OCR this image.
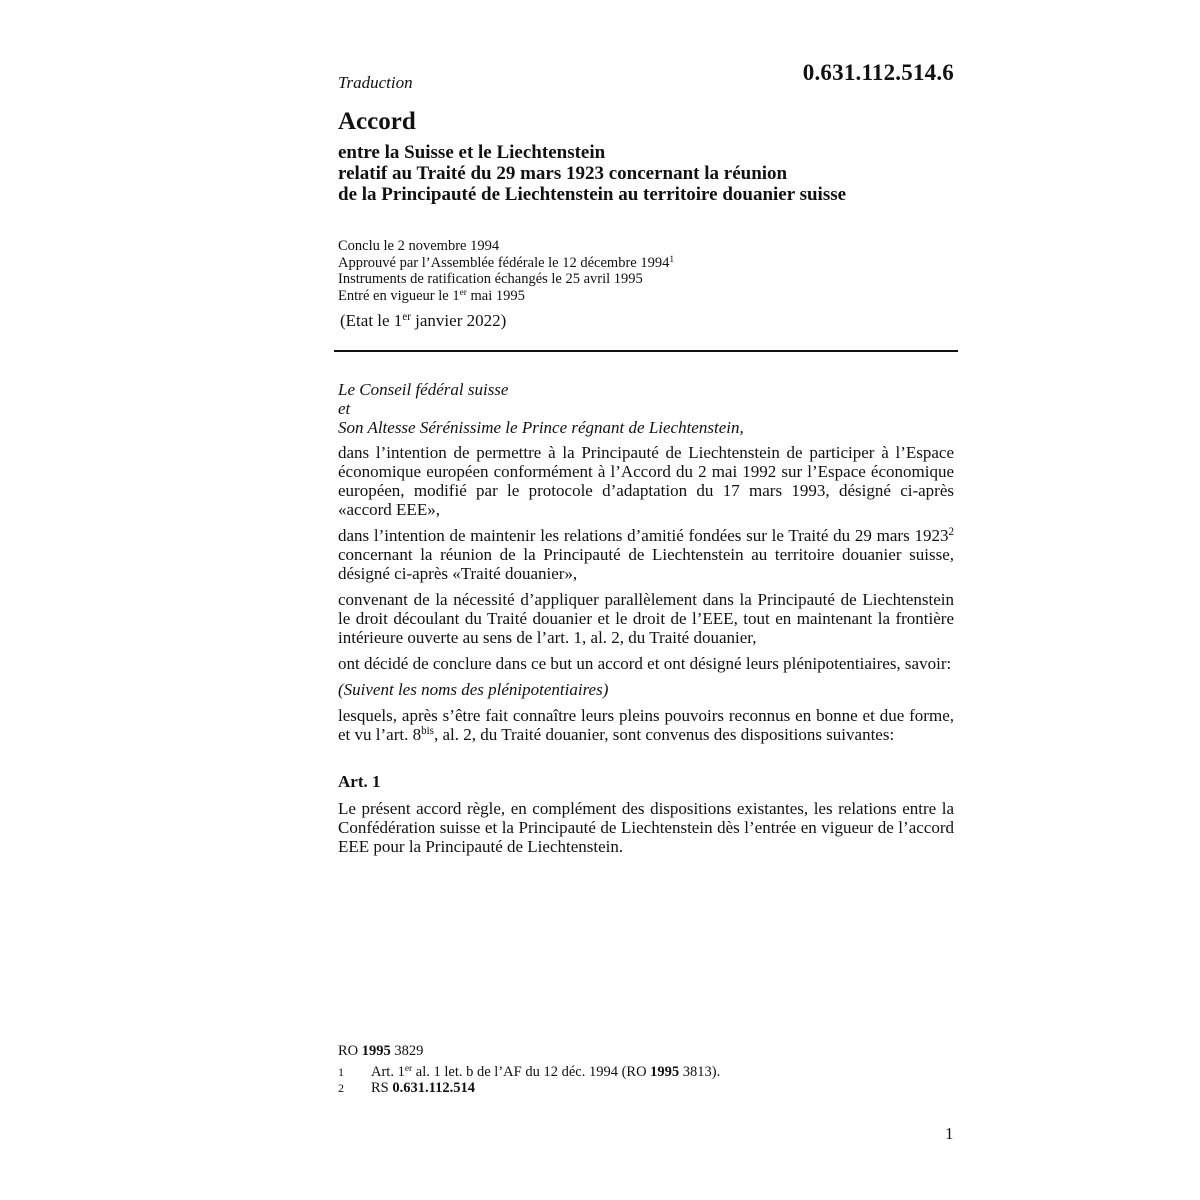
Traduction	0.631.112.514.6
Accord
entre la Suisse et le Liechtenstein
relatif au Traité du 29 mars 1923 concernant la réunion
de la Principauté de Liechtenstein au territoire douanier suisse
Conclu le 2 novembre 1994
Approuvé par l’Assemblée fédérale le 12 décembre 1994$^1$
Instruments de ratification échangés le 25 avril 1995
Entré en vigueur le 1er mai 1995
(Etat le 1er janvier 2022)

Le Conseil fédéral suisse

et

Son Altesse Sérénissime le Prince régnant de Liechtenstein,

dans l’intention de permettre à la Principauté de Liechtenstein de participer à l’Espace économique européen conformément à l’Accord du 2 mai 1992 sur l’Espace économique européen, modifié par le protocole d’adaptation du 17 mars 1993, désigné ci-après «accord EEE»,

dans l’intention de maintenir les relations d’amitié fondées sur le Traité du 29 mars 1923$^2$ concernant la réunion de la Principauté de Liechtenstein au territoire douanier suisse, désigné ci-après «Traité douanier»,

convenant de la nécessité d’appliquer parallèlement dans la Principauté de Liechtenstein le droit découlant du Traité douanier et le droit de l’EEE, tout en maintenant la frontière intérieure ouverte au sens de l’art. 1, al. 2, du Traité douanier,

ont décidé de conclure dans ce but un accord et ont désigné leurs plénipotentiaires, savoir:

(Suivent les noms des plénipotentiaires)

lesquels, après s’être fait connaître leurs pleins pouvoirs reconnus en bonne et due forme, et vu l’art. $8^{bis}$, al. 2, du Traité douanier, sont convenus des dispositions suivantes:

Art. 1

Le présent accord règle, en complément des dispositions existantes, les relations entre la Confédération suisse et la Principauté de Liechtenstein dès l’entrée en vigueur de l’accord EEE pour la Principauté de Liechtenstein.

RO 1995 3829
1	Art. 1er al. 1 let. b de l’AF du 12 déc. 1994 (RO 1995 3813).
2	RS 0.631.112.514
1
